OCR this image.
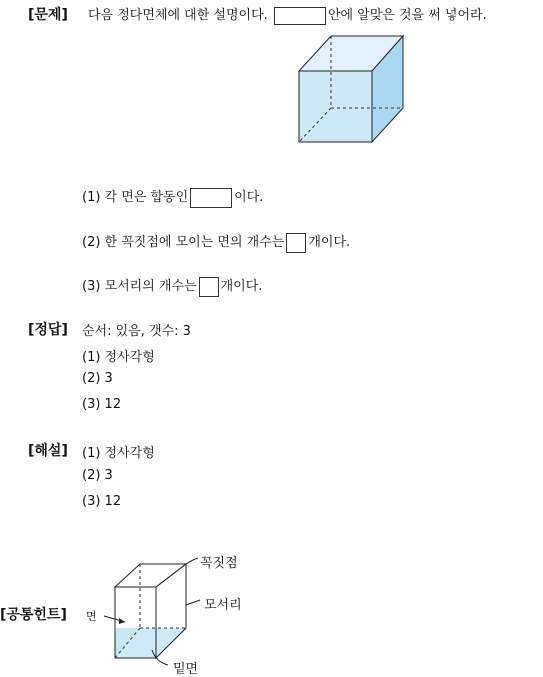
[문제] 다음 정다면체에 대한 설명이다.	안에 알맞은 것을 써 넣어라.
(1) 각 면은 합동인	이다.
(2) 한 꼭짓점에 모이는 면의 개수는 개이다.
(3) 모서리의 개수는 개이다.
[정답] 순서: 있음, 갯수: 3
(1) 정사각형
(2) 3
(3) 12
[해설] (1) 정사각형
(2) 3
(3) 12
[공통힌트]
꼭짓점
모서리
면
밑면
